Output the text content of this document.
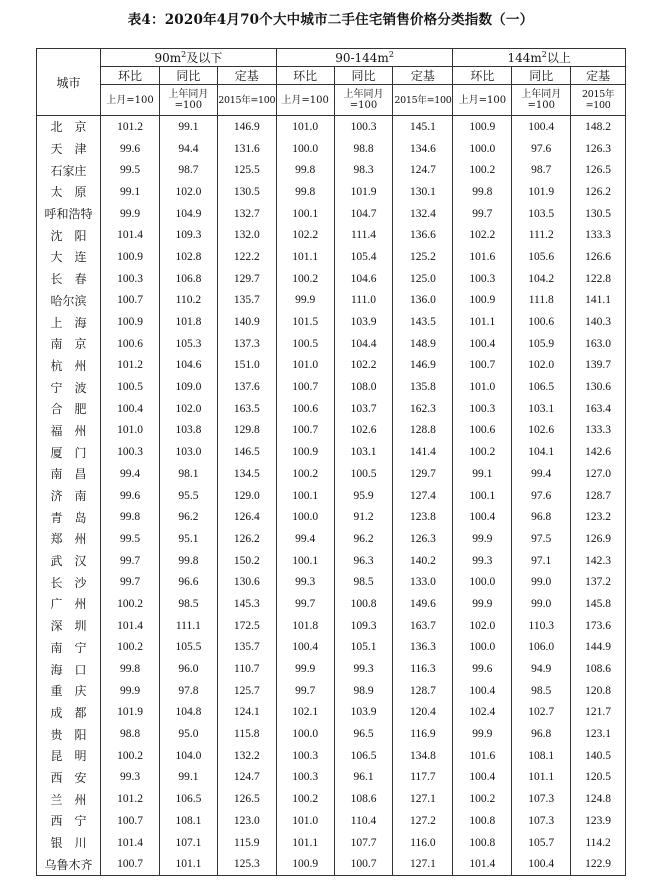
表4：2020年4月70个大中城市二手住宅销售价格分类指数（一）
城市	$90m^2$及以下			$90-144m^2$			$144m^2$以上		
	环比	同比	定基	环比	同比	定基	环比	同比	定基
	上月=100	上年同月=100	2015年=100	上月=100	上年同月=100	2015年=100	上月=100	上年同月=100	2015年=100
北　京	101.2	99.1	146.9	101.0	100.3	145.1	100.9	100.4	148.2
天　津	99.6	94.4	131.6	100.0	98.8	134.6	100.0	97.6	126.3
石家庄	99.5	98.7	125.5	99.8	98.3	124.7	100.2	98.7	126.5
太　原	99.1	102.0	130.5	99.8	101.9	130.1	99.8	101.9	126.2
呼和浩特	99.9	104.9	132.7	100.1	104.7	132.4	99.7	103.5	130.5
沈　阳	101.4	109.3	132.0	102.2	111.4	136.6	102.2	111.2	133.3
大　连	100.9	102.8	122.2	101.1	105.4	125.2	101.6	105.6	126.6
长　春	100.3	106.8	129.7	100.2	104.6	125.0	100.3	104.2	122.8
哈尔滨	100.7	110.2	135.7	99.9	111.0	136.0	100.9	111.8	141.1
上　海	100.9	101.8	140.9	101.5	103.9	143.5	101.1	100.6	140.3
南　京	100.6	105.3	137.3	100.5	104.4	148.9	100.4	105.9	163.0
杭　州	101.2	104.6	151.0	101.0	102.2	146.9	100.7	102.0	139.7
宁　波	100.5	109.0	137.6	100.7	108.0	135.8	101.0	106.5	130.6
合　肥	100.4	102.0	163.5	100.6	103.7	162.3	100.3	103.1	163.4
福　州	101.0	103.8	129.8	100.7	102.6	128.8	100.6	102.6	133.3
厦　门	100.3	103.0	146.5	100.9	103.1	141.4	100.2	104.1	142.6
南　昌	99.4	98.1	134.5	100.2	100.5	129.7	99.1	99.4	127.0
济　南	99.6	95.5	129.0	100.1	95.9	127.4	100.1	97.6	128.7
青　岛	99.8	96.2	126.4	100.0	91.2	123.8	100.4	96.8	123.2
郑　州	99.5	95.1	126.2	99.4	96.2	126.3	99.9	97.5	126.9
武　汉	99.7	99.8	150.2	100.1	96.3	140.2	99.3	97.1	142.3
长　沙	99.7	96.6	130.6	99.3	98.5	133.0	100.0	99.0	137.2
广　州	100.2	98.5	145.3	99.7	100.8	149.6	99.9	99.0	145.8
深　圳	101.4	111.1	172.5	101.8	109.3	163.7	102.0	110.3	173.6
南　宁	100.2	105.5	135.7	100.4	105.1	136.3	100.0	106.0	144.9
海　口	99.8	96.0	110.7	99.9	99.3	116.3	99.6	94.9	108.6
重　庆	99.9	97.8	125.7	99.7	98.9	128.7	100.4	98.5	120.8
成　都	101.9	104.8	124.1	102.1	103.9	120.4	102.4	102.7	121.7
贵　阳	98.8	95.0	115.8	100.0	96.5	116.9	99.9	96.8	123.1
昆　明	100.2	104.0	132.2	100.3	106.5	134.8	101.6	108.1	140.5
西　安	99.3	99.1	124.7	100.3	96.1	117.7	100.4	101.1	120.5
兰　州	101.2	106.5	126.5	100.2	108.6	127.1	100.2	107.3	124.8
西　宁	100.7	108.1	123.0	101.0	110.4	127.2	100.8	107.3	123.9
银　川	101.4	107.1	115.9	101.1	107.7	116.0	100.8	105.7	114.2
乌鲁木齐	100.7	101.1	125.3	100.9	100.7	127.1	101.4	100.4	122.9
